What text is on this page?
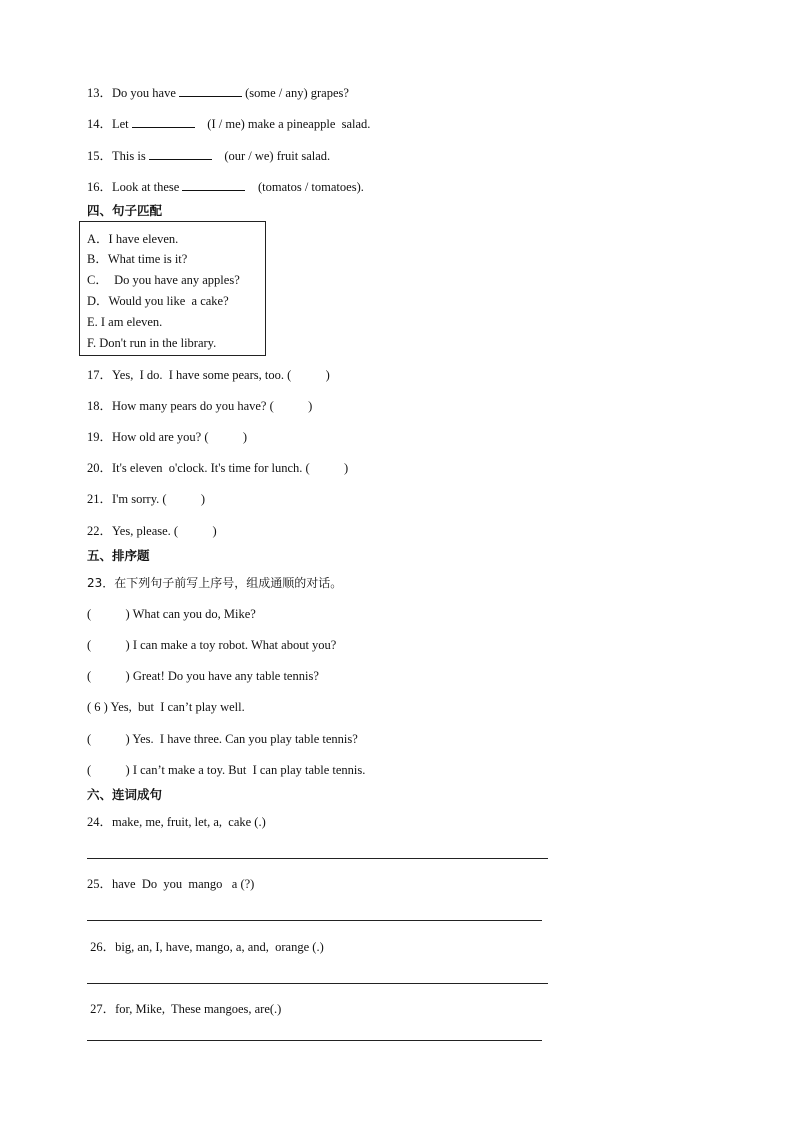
13．Do you have	(some / any) grapes?
14．Let	(I / me) make a pineapple  salad.
15．This is	(our / we) fruit salad.
16．Look at these	(tomatos / tomatoes).
四、句子匹配
A．I have eleven.
B．What time is it?
C．  Do you have any apples?
D．Would you like  a cake?
E. I am eleven.
F. Don't run in the library.
17．Yes,  I do.  I have some pears, too. (           )
18．How many pears do you have? (           )
19．How old are you? (           )
20．It's eleven  o'clock. It's time for lunch. (           )
21．I'm sorry. (           )
22．Yes, please. (           )
五、排序题
23．在下列句子前写上序号，组成通顺的对话。
(           ) What can you do, Mike?
(           ) I can make a toy robot. What about you?
(           ) Great! Do you have any table tennis?
( 6 ) Yes,  but  I can’t play well.
(           ) Yes.  I have three. Can you play table tennis?
(           ) I can’t make a toy. But  I can play table tennis.
六、连词成句
24．make, me, fruit, let, a,  cake (.)
25．have  Do  you  mango   a (?)
26．big, an, I, have, mango, a, and,  orange (.)
27．for, Mike,  These mangoes, are(.)
